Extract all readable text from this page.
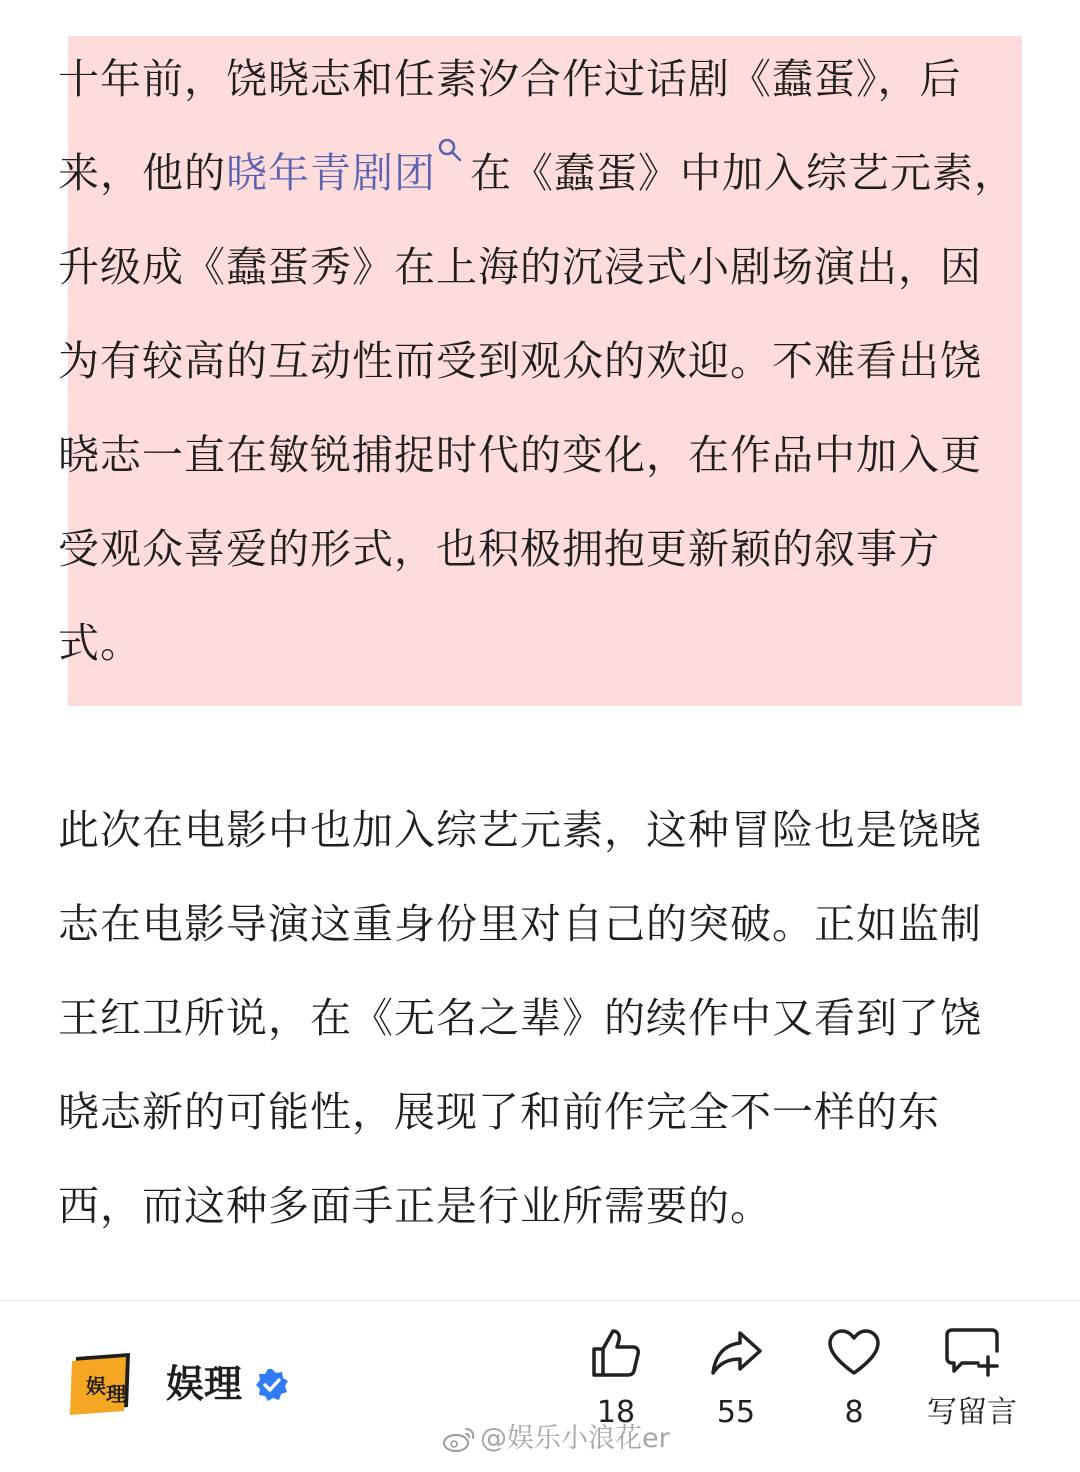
十年前，饶晓志和任素汐合作过话剧《蠢蛋》，后来，他的晓年青剧团 在《蠢蛋》中加入综艺元素，升级成《蠢蛋秀》在上海的沉浸式小剧场演出，因为有较高的互动性而受到观众的欢迎。不难看出饶晓志一直在敏锐捕捉时代的变化，在作品中加入更受观众喜爱的形式，也积极拥抱更新颖的叙事方式。

此次在电影中也加入综艺元素，这种冒险也是饶晓志在电影导演这重身份里对自己的突破。正如监制王红卫所说，在《无名之辈》的续作中又看到了饶晓志新的可能性，展现了和前作完全不一样的东西，而这种多面手正是行业所需要的。

娱 理 娱理
18	55	8	写留言
@娱乐小浪花er
